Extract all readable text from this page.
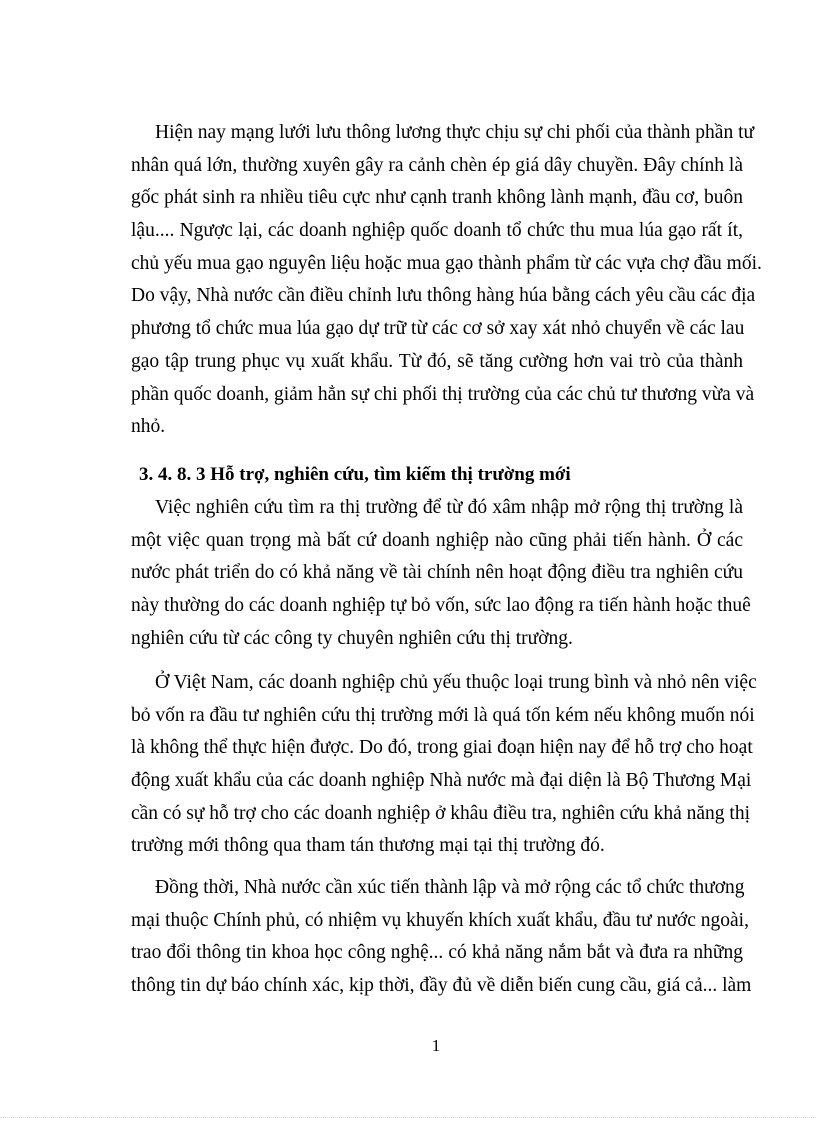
Hiện nay mạng lưới lưu thông lương thực chịu sự chi phối của thành phần tư
nhân quá lớn, thường xuyên gây ra cảnh chèn ép giá dây chuyền. Đây chính là
gốc phát sinh ra nhiều tiêu cực như cạnh tranh không lành mạnh, đầu cơ, buôn
lậu.... Ngược lại, các doanh nghiệp quốc doanh tổ chức thu mua lúa gạo rất ít,
chủ yếu mua gạo nguyên liệu hoặc mua gạo thành phẩm từ các vựa chợ đầu mối.
Do vậy, Nhà nước cần điều chỉnh lưu thông hàng húa bằng cách yêu cầu các địa
phương tổ chức mua lúa gạo dự trữ từ các cơ sở xay xát nhỏ chuyển về các lau
gạo tập trung phục vụ xuất khẩu. Từ đó, sẽ tăng cường hơn vai trò của thành
phần quốc doanh, giảm hẳn sự chi phối thị trường của các chủ tư thương vừa và
nhỏ.
3. 4. 8. 3 Hỗ trợ, nghiên cứu, tìm kiếm thị trường mới
Việc nghiên cứu tìm ra thị trường để từ đó xâm nhập mở rộng thị trường là
một việc quan trọng mà bất cứ doanh nghiệp nào cũng phải tiến hành. Ở các
nước phát triển do có khả năng về tài chính nên hoạt động điều tra nghiên cứu
này thường do các doanh nghiệp tự bỏ vốn, sức lao động ra tiến hành hoặc thuê
nghiên cứu từ các công ty chuyên nghiên cứu thị trường.
Ở Việt Nam, các doanh nghiệp chủ yếu thuộc loại trung bình và nhỏ nên việc
bỏ vốn ra đầu tư nghiên cứu thị trường mới là quá tốn kém nếu không muốn nói
là không thể thực hiện được. Do đó, trong giai đoạn hiện nay để hỗ trợ cho hoạt
động xuất khẩu của các doanh nghiệp Nhà nước mà đại diện là Bộ Thương Mại
cần có sự hỗ trợ cho các doanh nghiệp ở khâu điều tra, nghiên cứu khả năng thị
trường mới thông qua tham tán thương mại tại thị trường đó.
Đồng thời, Nhà nước cần xúc tiến thành lập và mở rộng các tổ chức thương
mại thuộc Chính phủ, có nhiệm vụ khuyến khích xuất khẩu, đầu tư nước ngoài,
trao đổi thông tin khoa học công nghệ... có khả năng nắm bắt và đưa ra những
thông tin dự báo chính xác, kịp thời, đầy đủ về diễn biến cung cầu, giá cả... làm
1
